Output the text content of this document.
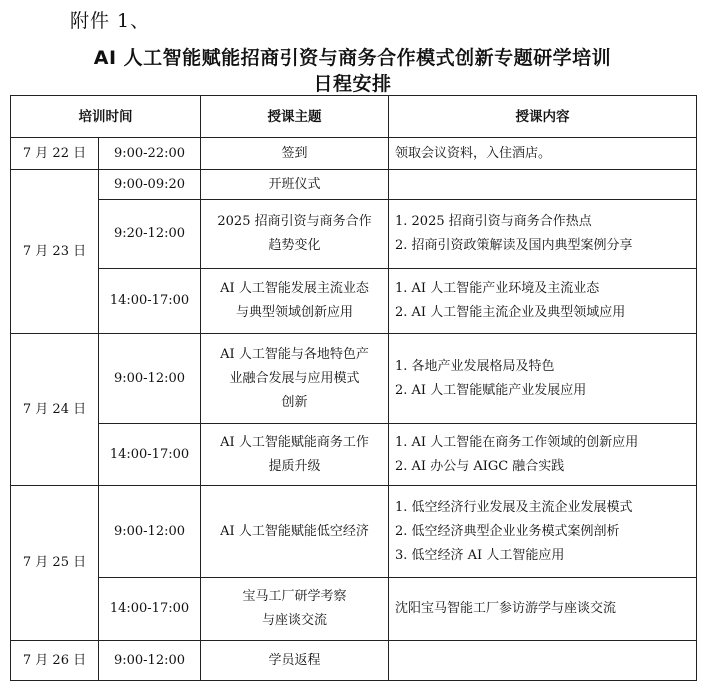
附件 1、
AI 人工智能赋能招商引资与商务合作模式创新专题研学培训
日程安排
培训时间		授课主题	授课内容
7 月 22 日	9:00-22:00	签到	领取会议资料，入住酒店。

7 月 23 日	9:00-09:20	开班仪式	

	9:20-12:00	2025 招商引资与商务合作
趋势变化	1. 2025 招商引资与商务合作热点
2. 招商引资政策解读及国内典型案例分享

	14:00-17:00	AI 人工智能发展主流业态
与典型领域创新应用	1. AI 人工智能产业环境及主流业态
2. AI 人工智能主流企业及典型领域应用

7 月 24 日	9:00-12:00	AI 人工智能与各地特色产
业融合发展与应用模式
创新	1. 各地产业发展格局及特色
2. AI 人工智能赋能产业发展应用

	14:00-17:00	AI 人工智能赋能商务工作
提质升级	1. AI 人工智能在商务工作领域的创新应用
2. AI 办公与 AIGC 融合实践

7 月 25 日	9:00-12:00	AI 人工智能赋能低空经济	1. 低空经济行业发展及主流企业发展模式
2. 低空经济典型企业业务模式案例剖析
3. 低空经济 AI 人工智能应用

	14:00-17:00	宝马工厂研学考察
与座谈交流	沈阳宝马智能工厂参访游学与座谈交流

7 月 26 日	9:00-12:00	学员返程	
